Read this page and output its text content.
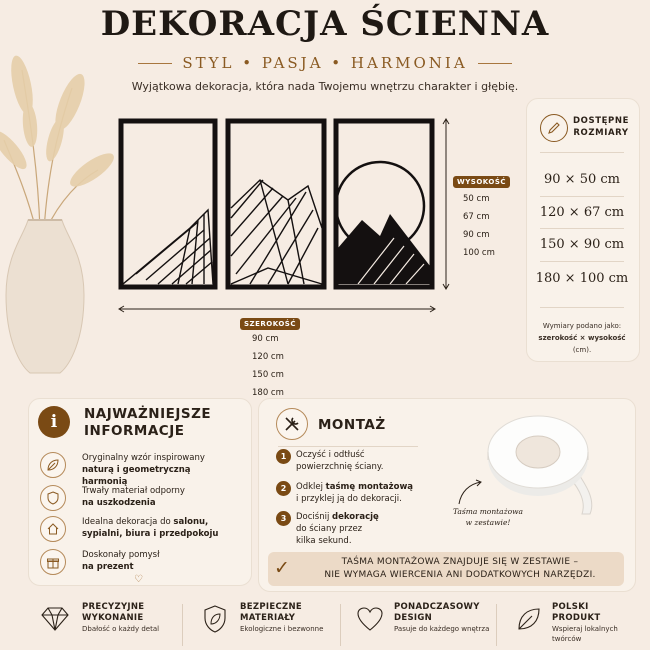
DEKORACJA ŚCIENNA
STYL • PASJA • HARMONIA
Wyjątkowa dekoracja, która nada Twojemu wnętrzu charakter i głębię.
WYSOKOŚĆ
50 cm
67 cm
90 cm
100 cm
SZEROKOŚĆ
90 cm
120 cm
150 cm
180 cm
DOSTĘPNE
ROZMIARY
90 × 50 cm
120 × 67 cm
150 × 90 cm
180 × 100 cm
Wymiary podano jako:
szerokość × wysokość (cm).
i	NAJWAŻNIEJSZE
INFORMACJE
Oryginalny wzór inspirowany
naturą i geometryczną harmonią
Trwały materiał odporny
na uszkodzenia
Idealna dekoracja do salonu, sypialni, biura i przedpokoju
Doskonały pomysł
na prezent
♡
MONTAŻ
1	Oczyść i odtłuść
powierzchnię ściany.
2	Odklej taśmę montażową
i przyklej ją do dekoracji.
3	Dociśnij dekorację
do ściany przez
kilka sekund.
Taśma montażowa
w zestawie!
✓	TAŚMA MONTAŻOWA ZNAJDUJE SIĘ W ZESTAWIE –
NIE WYMAGA WIERCENIA ANI DODATKOWYCH NARZĘDZI.
PRECYZYJNE
WYKONANIE
Dbałość o każdy detal
BEZPIECZNE
MATERIAŁY
Ekologiczne i bezwonne
PONADCZASOWY
DESIGN
Pasuje do każdego wnętrza
POLSKI
PRODUKT
Wspieraj lokalnych
twórców
